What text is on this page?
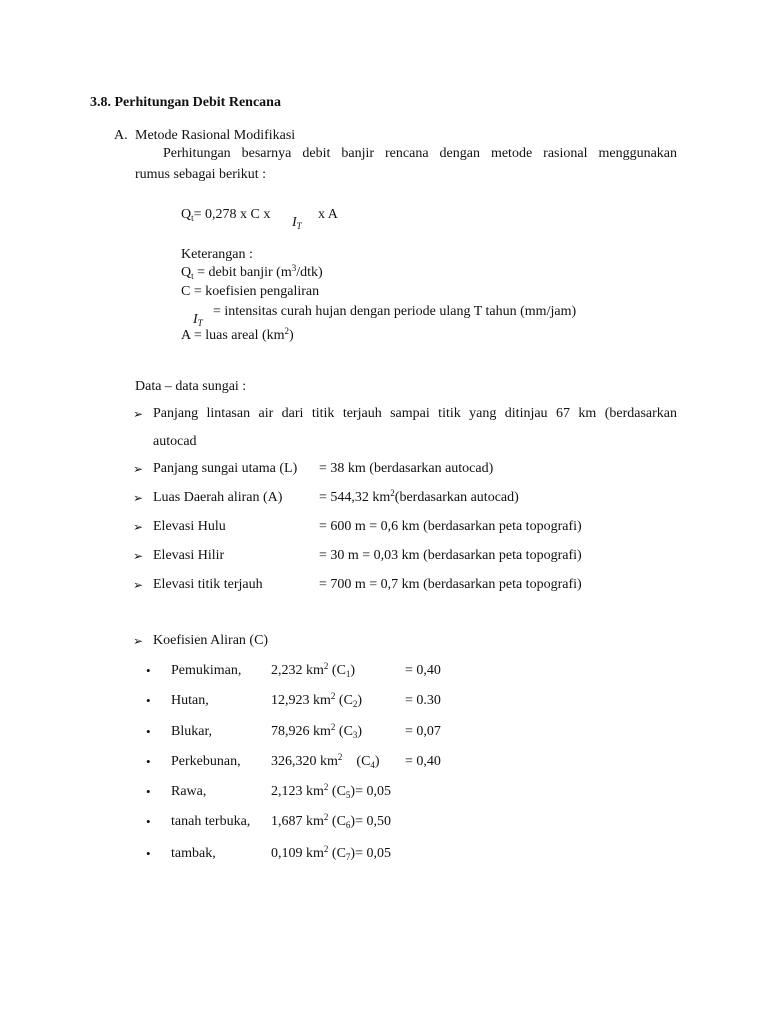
3.8. Perhitungan Debit Rencana
A. Metode Rasional Modifikasi
Perhitungan besarnya debit banjir rencana dengan metode rasional menggunakan
rumus sebagai berikut :
$Q_t= 0,278$ x C x
$I_T$
x A
Keterangan :
$Q_t$ = debit banjir $(m^3/dtk)$
C = koefisien pengaliran
$I_T$
= intensitas curah hujan dengan periode ulang T tahun (mm/jam)
A = luas areal $(km^2)$
Data – data sungai :
➢ Panjang lintasan air dari titik terjauh sampai titik yang ditinjau 67 km (berdasarkan
autocad
➢ Panjang sungai utama (L) = 38 km (berdasarkan autocad)
➢ Luas Daerah aliran (A)	= 544,32 $km^2(berdasarkan$ autocad)
➢ Elevasi Hulu	= 600 m = 0,6 km (berdasarkan peta topografi)
➢ Elevasi Hilir	= 30 m = 0,03 km (berdasarkan peta topografi)
➢ Elevasi titik terjauh	= 700 m = 0,7 km (berdasarkan peta topografi)
➢ Koefisien Aliran (C)
• Pemukiman, 2,232 $km^2$ $(C_1)$	= 0,40
• Hutan,	12,923 $km^2$ $(C_2)$	= 0.30
• Blukar,	78,926 $km^2$ $(C_3)$	= 0,07
• Perkebunan, 326,320 $km^2$    $(C_4) = 0,40$
• Rawa,	2,123 $km^2$ $(C_5)= 0,05$
• tanah terbuka, 1,687 $km^2$ $(C_6)= 0,50$
• tambak,	0,109 $km^2$ $(C_7)= 0,05$
